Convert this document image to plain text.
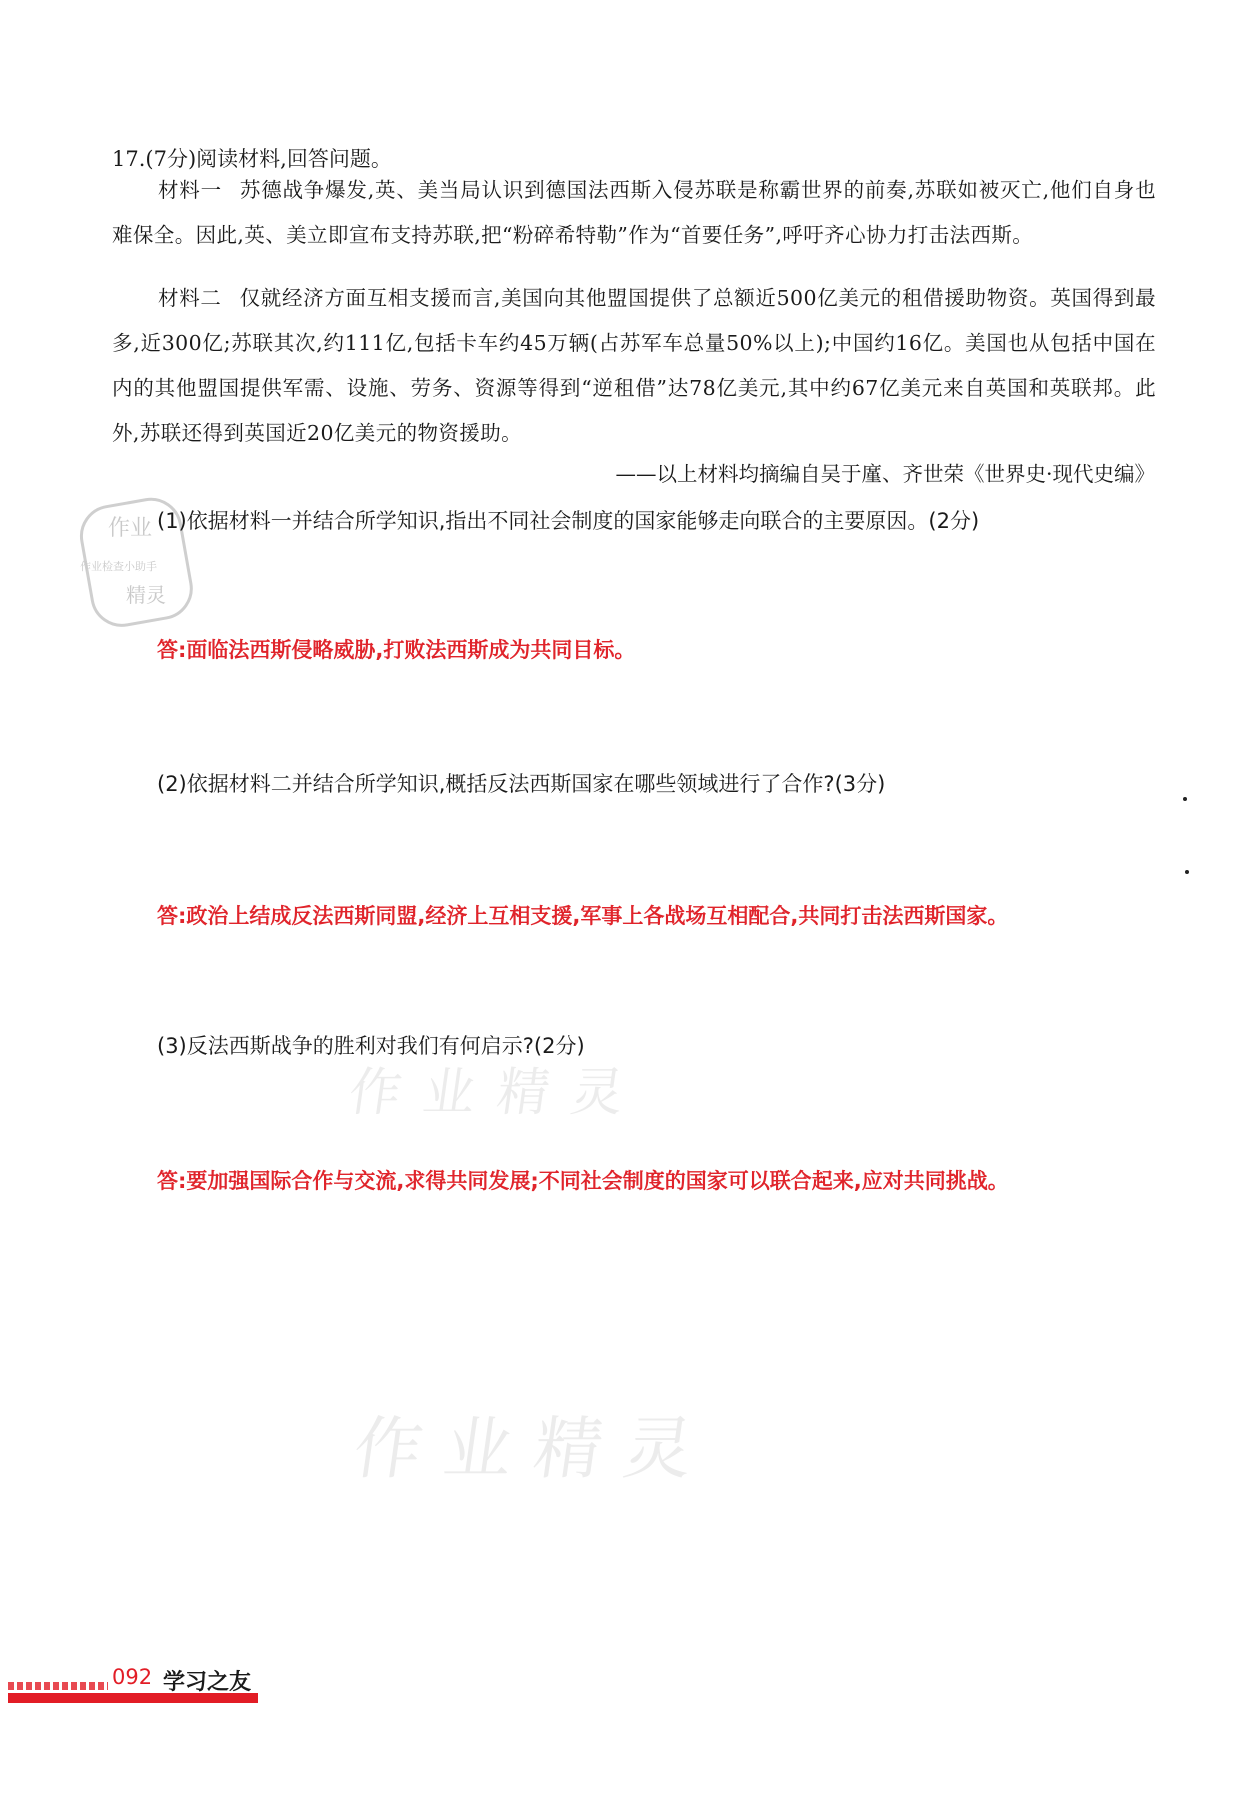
17.(7分)阅读材料,回答问题。
材料一 苏德战争爆发,英、美当局认识到德国法西斯入侵苏联是称霸世界的前奏,苏联如被灭亡,他们自身也难保全。因此,英、美立即宣布支持苏联,把“粉碎希特勒”作为“首要任务”,呼吁齐心协力打击法西斯。
材料二 仅就经济方面互相支援而言,美国向其他盟国提供了总额近500亿美元的租借援助物资。英国得到最多,近300亿;苏联其次,约111亿,包括卡车约45万辆(占苏军车总量50%以上);中国约16亿。美国也从包括中国在内的其他盟国提供军需、设施、劳务、资源等得到“逆租借”达78亿美元,其中约67亿美元来自英国和英联邦。此外,苏联还得到英国近20亿美元的物资援助。
——以上材料均摘编自吴于廑、齐世荣《世界史·现代史编》
作业
作业检查小助手
精灵
(1)依据材料一并结合所学知识,指出不同社会制度的国家能够走向联合的主要原因。(2分)
答:面临法西斯侵略威胁,打败法西斯成为共同目标。
(2)依据材料二并结合所学知识,概括反法西斯国家在哪些领域进行了合作?(3分)
答:政治上结成反法西斯同盟,经济上互相支援,军事上各战场互相配合,共同打击法西斯国家。
(3)反法西斯战争的胜利对我们有何启示?(2分)
作业精灵
答:要加强国际合作与交流,求得共同发展;不同社会制度的国家可以联合起来,应对共同挑战。
作业精灵
092 学习之友
